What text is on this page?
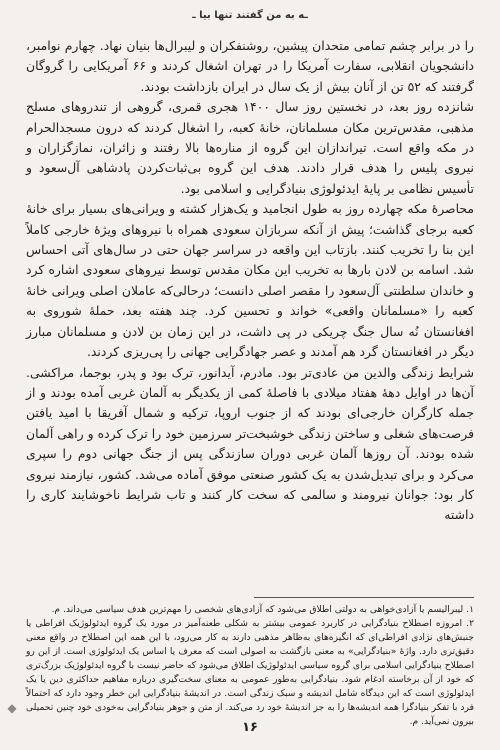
ـه به من گفتند تنها بیا ـ

را در برابر چشم تمامی متحدان پیشین، روشنفکران و لیبرال‌ها بنیان نهاد. چهارم نوامبر، دانشجویان انقلابی، سفارت آمریکا را در تهران اشغال کردند و ۶۶ آمریکایی را گروگان گرفتند که ۵۲ تن از آنان بیش از یک سال در ایران بازداشت بودند.

شانزده روز بعد، در نخستین روز سال ۱۴۰۰ هجری قمری، گروهی از تندروهای مسلح مذهبی، مقدس‌ترین مکان مسلمانان، خانهٔ کعبه، را اشغال کردند که درون مسجدالحرام در مکه واقع است. تیراندازان این گروه از مناره‌ها بالا رفتند و زائران، نمازگزاران و نیروی پلیس را هدف قرار دادند. هدف این گروه بی‌ثبات‌کردن پادشاهی آل‌سعود و تأسیس نظامی بر پایهٔ ایدئولوژی بنیادگرایی و اسلامی بود.

محاصرهٔ مکه چهارده روز به طول انجامید و یک‌هزار کشته و ویرانی‌های بسیار برای خانهٔ کعبه برجای گذاشت؛ پیش از آنکه سربازان سعودی همراه با نیروهای ویژهٔ خارجی کاملاً این بنا را تخریب کنند. بازتاب این واقعه در سراسر جهان حتی در سال‌های آتی احساس شد. اسامه بن لادن بارها به تخریب این مکان مقدس توسط نیروهای سعودی اشاره کرد و خاندان سلطنتی آل‌سعود را مقصر اصلی دانست؛ درحالی‌که عاملان اصلی ویرانی خانهٔ کعبه را «مسلمانان واقعی» خواند و تحسین کرد. چند هفته بعد، حملهٔ شوروی به افغانستان نُه سال جنگ چریکی در پی داشت، در این زمان بن لادن و مسلمانان مبارز دیگر در افغانستان گرد هم آمدند و عصر جهادگرایی جهانی را پی‌ریزی کردند.

شرایط زندگی والدین من عادی‌تر بود. مادرم، آیدانور، ترک بود و پدر، بوجما، مراکشی. آن‌ها در اوایل دههٔ هفتاد میلادی با فاصلهٔ کمی از یکدیگر به آلمان غربی آمده بودند و از جمله کارگران خارجی‌ای بودند که از جنوب اروپا، ترکیه و شمال آفریقا با امید یافتن فرصت‌های شغلی و ساختن زندگی خوشبخت‌تر سرزمین خود را ترک کرده و راهی آلمان شده بودند. آن روزها آلمان غربی دوران سازندگی پس از جنگ جهانی دوم را سپری می‌کرد و برای تبدیل‌شدن به یک کشور صنعتی موفق آماده می‌شد. کشور، نیازمند نیروی کار بود: جوانان نیرومند و سالمی که سخت کار کنند و تاب شرایط ناخوشایند کاری را داشته

۱. لیبرالیسم یا آزادی‌خواهی به دولتی اطلاق می‌شود که آزادی‌های شخصی را مهم‌ترین هدف سیاسی می‌داند. م.

۲. امروزه اصطلاح بنیادگرایی در کاربرد عمومی بیشتر به شکلی طعنه‌آمیز در مورد یک گروه ایدئولوژیک افراطی یا جنبش‌های نژادی افراطی‌ای که انگیزه‌های به‌ظاهر مذهبی دارند به کار می‌رود، با این همه این اصطلاح در واقع معنی دقیق‌تری دارد. واژهٔ «بنیادگرایی» به معنی بازگشت به اصولی است که معرف یا اساس یک ایدئولوژی است. از این رو اصطلاح بنیادگرایی اسلامی برای گروه سیاسی ایدئولوژیک اطلاق می‌شود که حاضر نیست با گروه ایدئولوژیک بزرگ‌تری که خود از آن برخاسته ادغام شود. بنیادگرایی به‌طور عمومی به معنای سخت‌گیری درباره مفاهیم حداکثری دین یا یک ایدئولوژی است که این دیدگاه شامل اندیشه و سبک زندگی است. در اندیشهٔ بنیادگرایی این خطر وجود دارد که احتمالاً فرد با تفکر بنیادگرا همه اندیشه‌ها را به جز اندیشهٔ خود رد می‌کند. از متن و جوهر بنیادگرایی به‌خودی خود چنین تحمیلی بیرون نمی‌آید. م.

۱۶
◆
